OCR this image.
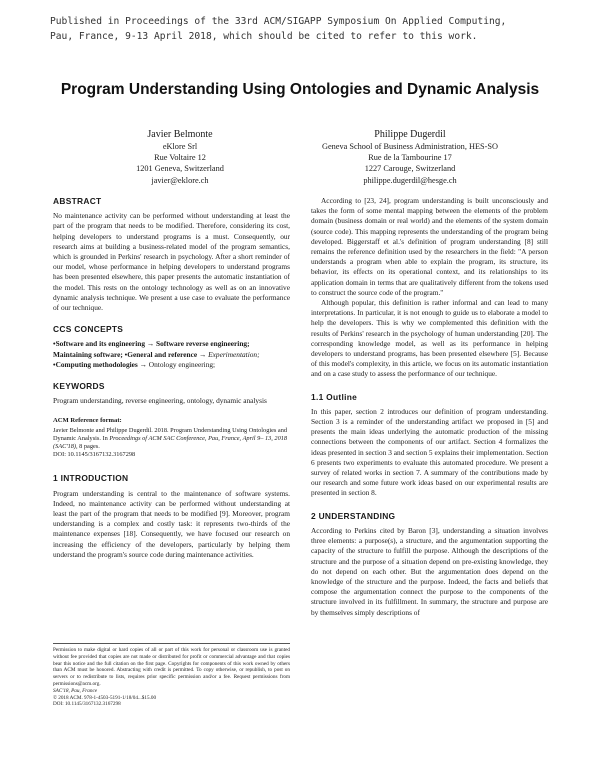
Published in Proceedings of the 33rd ACM/SIGAPP Symposium On Applied Computing,
Pau, France, 9-13 April 2018, which should be cited to refer to this work.
Program Understanding Using Ontologies and Dynamic Analysis
Javier Belmonte
eKlore Srl
Rue Voltaire 12
1201 Geneva, Switzerland
javier@eklore.ch
Philippe Dugerdil
Geneva School of Business Administration, HES-SO
Rue de la Tambourine 17
1227 Carouge, Switzerland
philippe.dugerdil@hesge.ch
ABSTRACT

No maintenance activity can be performed without understanding at least the part of the program that needs to be modified. Therefore, considering its cost, helping developers to understand programs is a must. Consequently, our research aims at building a business-related model of the program semantics, which is grounded in Perkins' research in psychology. After a short reminder of our model, whose performance in helping developers to understand programs has been presented elsewhere, this paper presents the automatic instantiation of the model. This rests on the ontology technology as well as on an innovative dynamic analysis technique. We present a use case to evaluate the performance of our technique.

CCS CONCEPTS

•Software and its engineering → Software reverse engineering; Maintaining software; •General and reference → Experimentation; •Computing methodologies → Ontology engineering;

KEYWORDS

Program understanding, reverse engineering, ontology, dynamic analysis

ACM Reference format:

Javier Belmonte and Philippe Dugerdil. 2018. Program Understanding Using Ontologies and Dynamic Analysis. In Proceedings of ACM SAC Conference, Pau, France, April 9– 13, 2018 (SAC'18), 8 pages.

DOI: 10.1145/3167132.3167298

1 INTRODUCTION

Program understanding is central to the maintenance of software systems. Indeed, no maintenance activity can be performed without understanding at least the part of the program that needs to be modified [9]. Moreover, program understanding is a complex and costly task: it represents two-thirds of the maintenance expenses [18]. Consequently, we have focused our research on increasing the efficiency of the developers, particularly by helping them understand the program's source code during maintenance activities.

Permission to make digital or hard copies of all or part of this work for personal or classroom use is granted without fee provided that copies are not made or distributed for profit or commercial advantage and that copies bear this notice and the full citation on the first page. Copyrights for components of this work owned by others than ACM must be honored. Abstracting with credit is permitted. To copy otherwise, or republish, to post on servers or to redistribute to lists, requires prior specific permission and/or a fee. Request permissions from permissions@acm.org.

SAC'18, Pau, France

© 2018 ACM. 978-1-4503-5191-1/18/04...$15.00

DOI: 10.1145/3167132.3167298

According to [23, 24], program understanding is built unconsciously and takes the form of some mental mapping between the elements of the problem domain (business domain or real world) and the elements of the system domain (source code). This mapping represents the understanding of the program being developed. Biggerstaff et al.'s definition of program understanding [8] still remains the reference definition used by the researchers in the field: "A person understands a program when able to explain the program, its structure, its behavior, its effects on its operational context, and its relationships to its application domain in terms that are qualitatively different from the tokens used to construct the source code of the program."

Although popular, this definition is rather informal and can lead to many interpretations. In particular, it is not enough to guide us to elaborate a model to help the developers. This is why we complemented this definition with the results of Perkins' research in the psychology of human understanding [20]. The corresponding knowledge model, as well as its performance in helping developers to understand programs, has been presented elsewhere [5]. Because of this model's complexity, in this article, we focus on its automatic instantiation and on a case study to assess the performance of our technique.

1.1 Outline

In this paper, section 2 introduces our definition of program understanding. Section 3 is a reminder of the understanding artifact we proposed in [5] and presents the main ideas underlying the automatic production of the missing connections between the components of our artifact. Section 4 formalizes the ideas presented in section 3 and section 5 explains their implementation. Section 6 presents two experiments to evaluate this automated procedure. We present a survey of related works in section 7. A summary of the contributions made by our research and some future work ideas based on our experimental results are presented in section 8.

2 UNDERSTANDING

According to Perkins cited by Baron [3], understanding a situation involves three elements: a purpose(s), a structure, and the argumentation supporting the capacity of the structure to fulfill the purpose. Although the descriptions of the structure and the purpose of a situation depend on pre-existing knowledge, they do not depend on each other. But the argumentation does depend on the knowledge of the structure and the purpose. Indeed, the facts and beliefs that compose the argumentation connect the purpose to the components of the structure involved in its fulfillment. In summary, the structure and purpose are by themselves simply descriptions of
